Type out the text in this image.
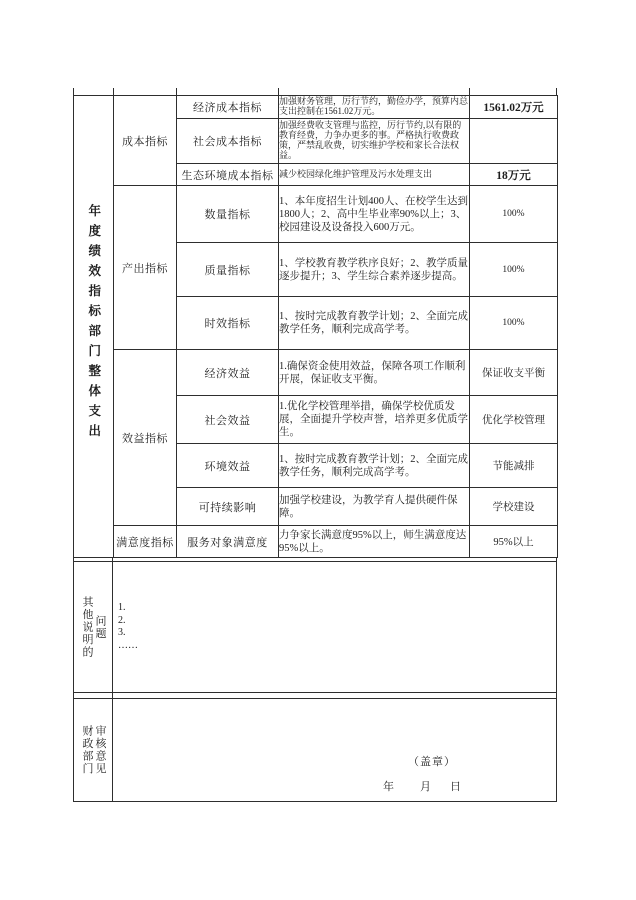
年度绩效指标部门整体支出	成本指标	经济成本指标	加强财务管理，厉行节约，勤俭办学，预算内总支出控制在1561.02万元。	1561.02万元
		社会成本指标	加强经费收支管理与监控，厉行节约,以有限的教育经费，力争办更多的事。严格执行收费政策，严禁乱收费，切实维护学校和家长合法权益。	
		生态环境成本指标	减少校园绿化维护管理及污水处理支出	18万元
	产出指标	数量指标	1、本年度招生计划400人、在校学生达到1800人；2、高中生毕业率90%以上；3、校园建设及设备投入600万元。	100%
		质量指标	1、学校教育教学秩序良好；2、教学质量逐步提升；3、学生综合素养逐步提高。	100%
		时效指标	1、按时完成教育教学计划；2、全面完成教学任务，顺利完成高学考。	100%
	效益指标	经济效益	1.确保资金使用效益，保障各项工作顺利开展，保证收支平衡。	保证收支平衡
		社会效益	1.优化学校管理举措，确保学校优质发展，全面提升学校声誉，培养更多优质学生。	优化学校管理
		环境效益	1、按时完成教育教学计划；2、全面完成教学任务，顺利完成高学考。	节能减排
		可持续影响	加强学校建设，为教学育人提供硬件保障。	学校建设
	满意度指标	服务对象满意度	力争家长满意度95%以上，师生满意度达95%以上。	95%以上
其他说明的 问题
1.
2.
3.
……
财政部门 审核意见	（盖章）
年 月 日
